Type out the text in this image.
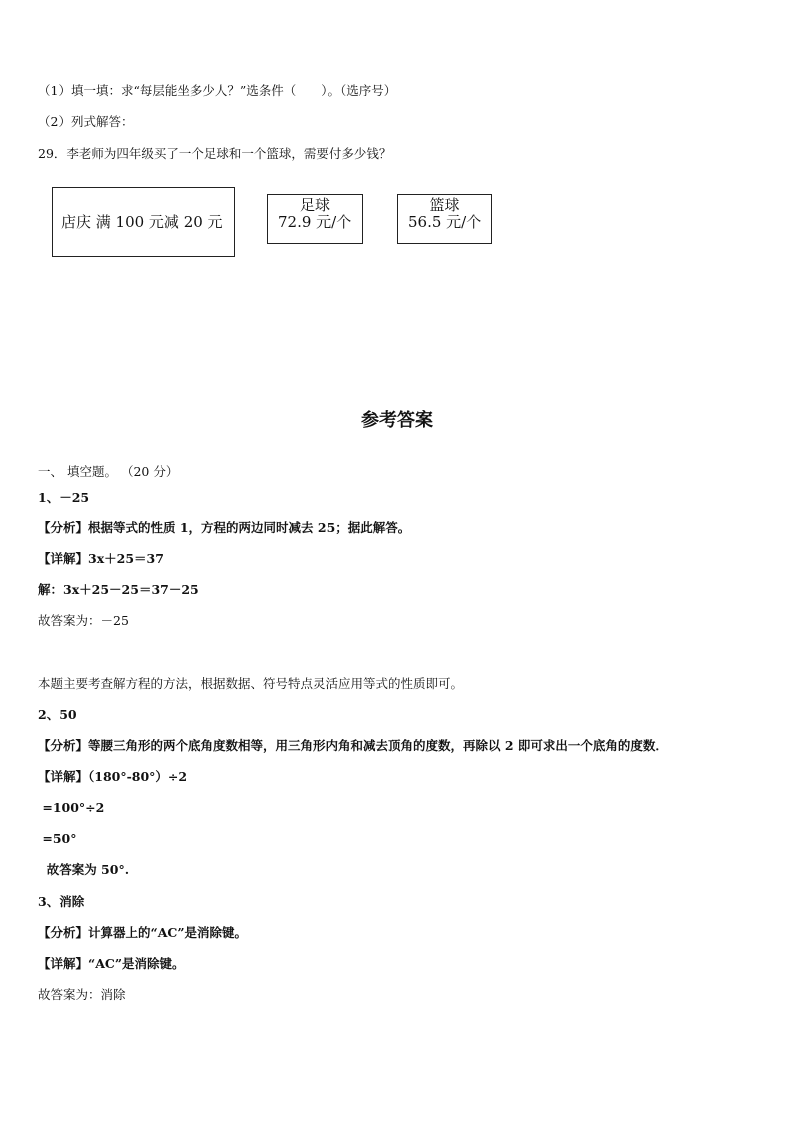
（1）填一填：求“每层能坐多少人？”选条件（　　）。（选序号）
（2）列式解答：
29．李老师为四年级买了一个足球和一个篮球，需要付多少钱？
店庆 满 100 元减 20 元
足球
72.9 元/个
篮球
56.5 元/个
参考答案
一、 填空题。 （20 分）
1、－25
【分析】根据等式的性质 1，方程的两边同时减去 25；据此解答。
【详解】3x＋25＝37
解：3x＋25－25＝37－25
故答案为：－25
本题主要考查解方程的方法，根据数据、符号特点灵活应用等式的性质即可。
2、50
【分析】等腰三角形的两个底角度数相等，用三角形内角和减去顶角的度数，再除以 2 即可求出一个底角的度数．
【详解】（180°-80°）÷2
=100°÷2
=50°
故答案为 50°.
3、消除
【分析】计算器上的“AC”是消除键。
【详解】“AC”是消除键。
故答案为：消除
